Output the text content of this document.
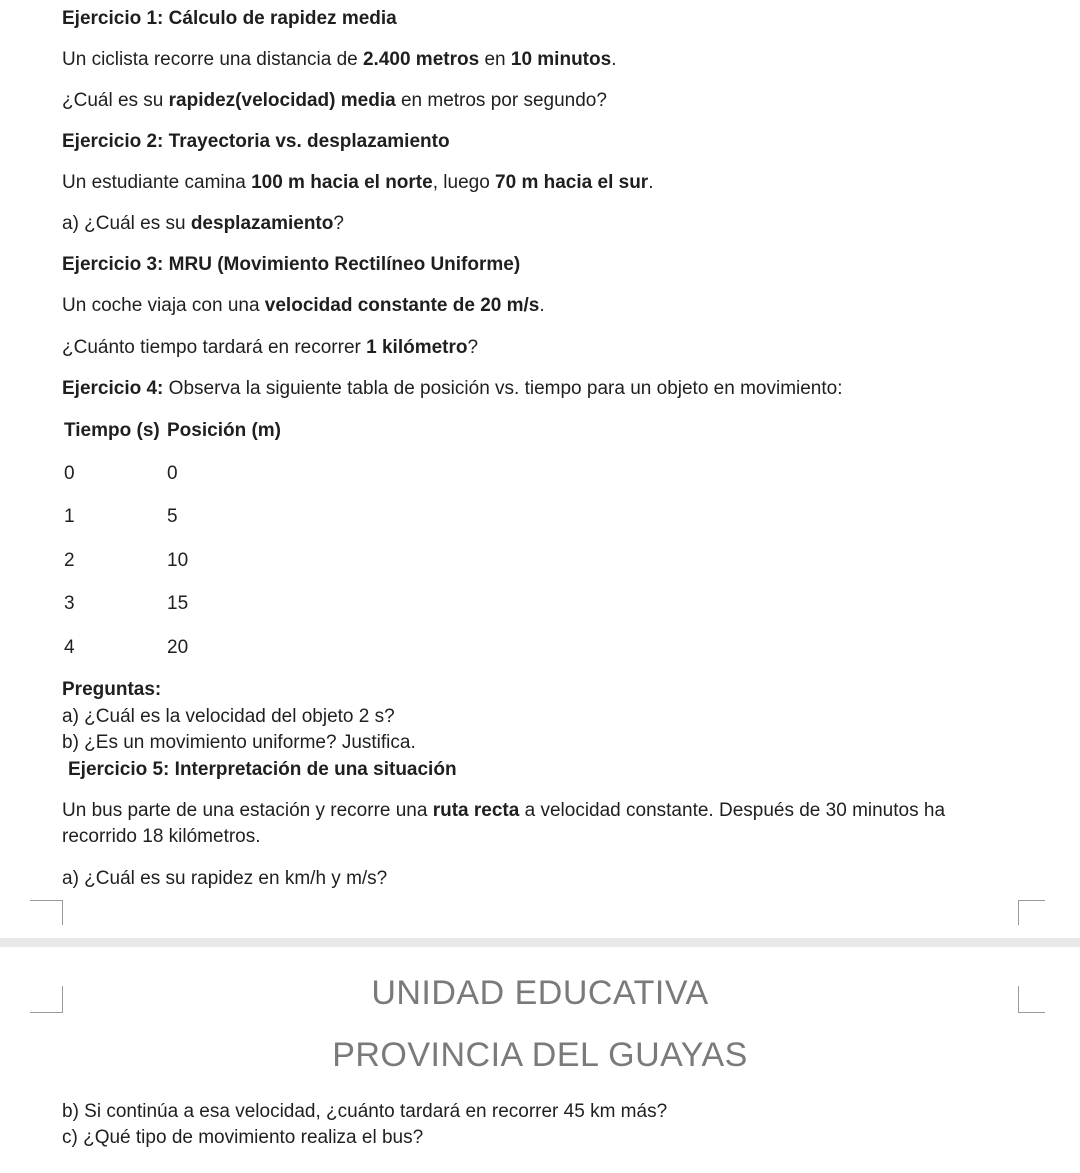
Ejercicio 1: Cálculo de rapidez media
Un ciclista recorre una distancia de 2.400 metros en 10 minutos.
¿Cuál es su rapidez(velocidad) media en metros por segundo?
Ejercicio 2: Trayectoria vs. desplazamiento
Un estudiante camina 100 m hacia el norte, luego 70 m hacia el sur.
a) ¿Cuál es su desplazamiento?
Ejercicio 3: MRU (Movimiento Rectilíneo Uniforme)
Un coche viaja con una velocidad constante de 20 m/s.
¿Cuánto tiempo tardará en recorrer 1 kilómetro?
Ejercicio 4: Observa la siguiente tabla de posición vs. tiempo para un objeto en movimiento:
Tiempo (s) Posición (m)
0	0
1	5
2	10
3	15
4	20
Preguntas:
a) ¿Cuál es la velocidad del objeto 2 s?
b) ¿Es un movimiento uniforme? Justifica.
Ejercicio 5: Interpretación de una situación
Un bus parte de una estación y recorre una ruta recta a velocidad constante. Después de 30 minutos ha
recorrido 18 kilómetros.
a) ¿Cuál es su rapidez en km/h y m/s?
UNIDAD EDUCATIVA
PROVINCIA DEL GUAYAS
b) Si continúa a esa velocidad, ¿cuánto tardará en recorrer 45 km más?
c) ¿Qué tipo de movimiento realiza el bus?
